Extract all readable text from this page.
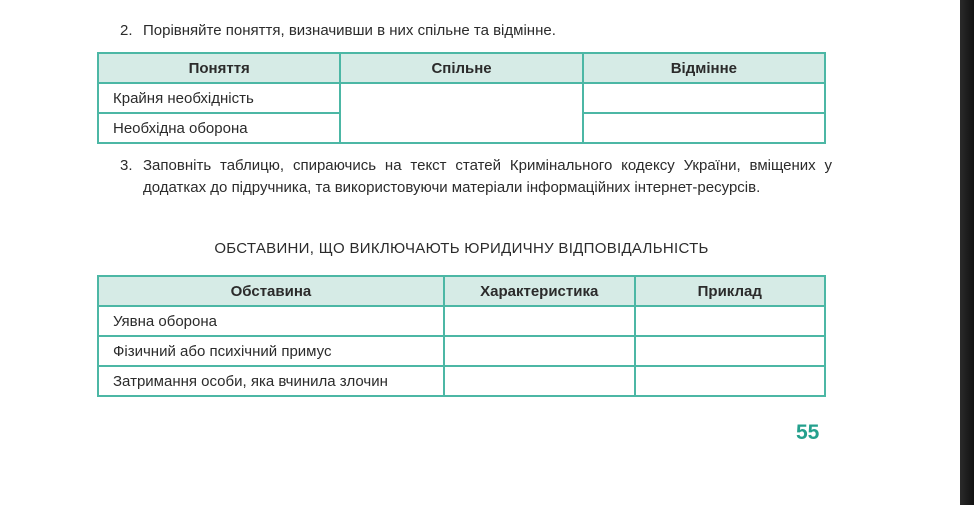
2. Порівняйте поняття, визначивши в них спільне та відмінне.
Поняття	Спільне	Відмінне
Крайня необхідність		
Необхідна оборона		
3. Заповніть таблицю, спираючись на текст статей Кримінального кодексу України, вміщених у додатках до підручника, та використовуючи матеріали інформаційних інтернет-ресурсів.
ОБСТАВИНИ, ЩО ВИКЛЮЧАЮТЬ ЮРИДИЧНУ ВІДПОВІДАЛЬНІСТЬ
Обставина	Характеристика	Приклад
Уявна оборона		
Фізичний або психічний примус		
Затримання особи, яка вчинила злочин		
55
